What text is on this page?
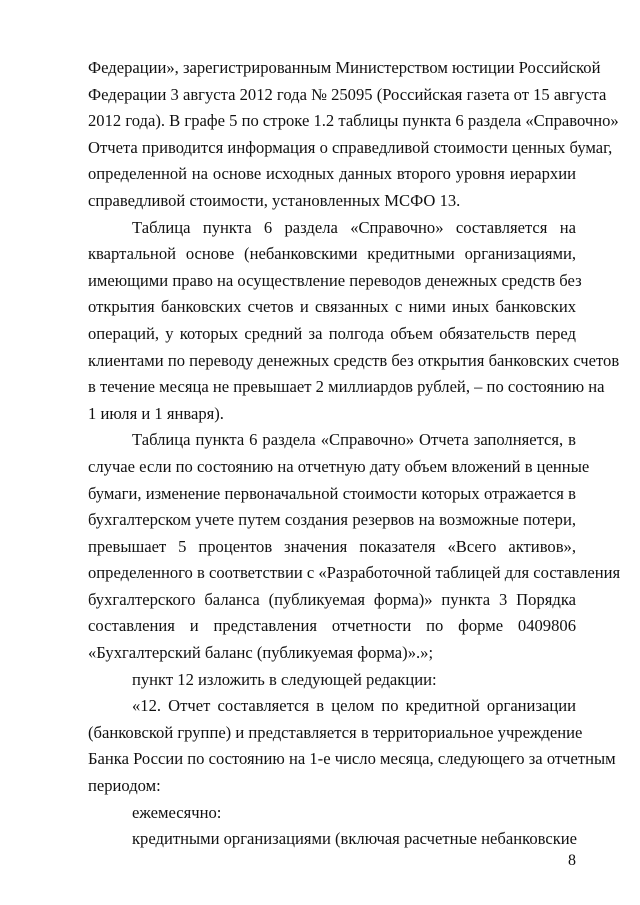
Федерации», зарегистрированным Министерством юстиции Российской
Федерации 3 августа 2012 года № 25095 (Российская газета от 15 августа
2012 года). В графе 5 по строке 1.2 таблицы пункта 6 раздела «Справочно»
Отчета приводится информация о справедливой стоимости ценных бумаг,
определенной на основе исходных данных второго уровня иерархии
справедливой стоимости, установленных МСФО 13.
Таблица пункта 6 раздела «Справочно» составляется на
квартальной основе (небанковскими кредитными организациями,
имеющими право на осуществление переводов денежных средств без
открытия банковских счетов и связанных с ними иных банковских
операций, у которых средний за полгода объем обязательств перед
клиентами по переводу денежных средств без открытия банковских счетов
в течение месяца не превышает 2 миллиардов рублей, – по состоянию на
1 июля и 1 января).
Таблица пункта 6 раздела «Справочно» Отчета заполняется, в
случае если по состоянию на отчетную дату объем вложений в ценные
бумаги, изменение первоначальной стоимости которых отражается в
бухгалтерском учете путем создания резервов на возможные потери,
превышает 5 процентов значения показателя «Всего активов»,
определенного в соответствии с «Разработочной таблицей для составления
бухгалтерского баланса (публикуемая форма)» пункта 3 Порядка
составления и представления отчетности по форме 0409806
«Бухгалтерский баланс (публикуемая форма)».»;
пункт 12 изложить в следующей редакции:
«12. Отчет составляется в целом по кредитной организации
(банковской группе) и представляется в территориальное учреждение
Банка России по состоянию на 1-е число месяца, следующего за отчетным
периодом:
ежемесячно:
кредитными организациями (включая расчетные небанковские
8
